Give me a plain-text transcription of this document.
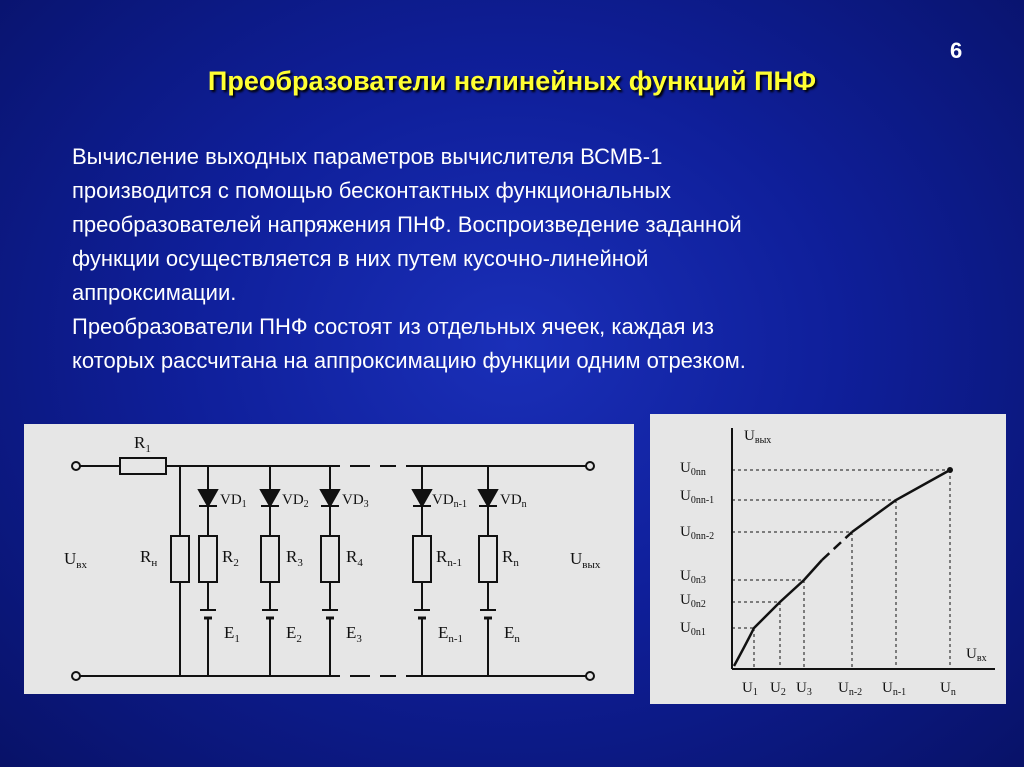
6
Преобразователи нелинейных функций ПНФ
Вычисление выходных параметров вычислителя ВСМВ-1
производится с помощью бесконтактных функциональных
преобразователей напряжения ПНФ. Воспроизведение заданной
функции осуществляется в них путем кусочно-линейной
аппроксимации.
Преобразователи ПНФ состоят из отдельных ячеек, каждая из
которых рассчитана на аппроксимацию функции одним отрезком.
$R_1$
$U_{вх}$	$U_{вых}$
$R_н$
$VD_1$
$R_2$
$E_1$
$VD_2$
$R_3$
$E_2$
$VD_3$
$R_4$
$E_3$
$VD_{n-1}$
$R_{n-1}$
$E_{n-1}$
$VD_n$
$R_n$
$E_n$
$U_{вых}$
$U_{вх}$
$U_{0nn}$
$U_{0nn-1}$
$U_{0nn-2}$
$U_{0n3}$
$U_{0n2}$
$U_{0n1}$
$U_1$ $U_2$ $U_3$ $U_{n-2}$ $U_{n-1}$ $U_n$
